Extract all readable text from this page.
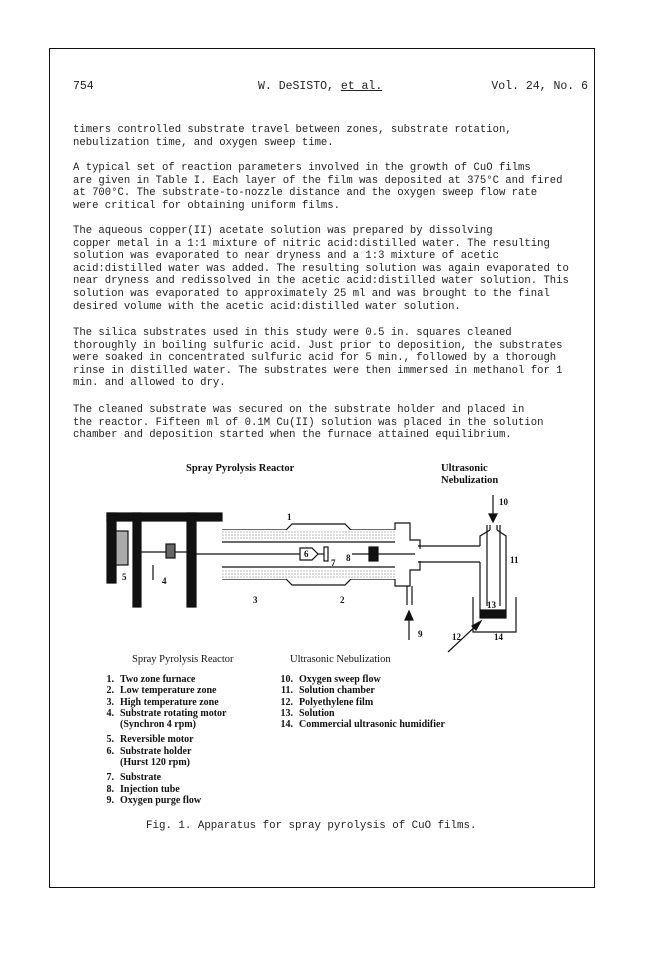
754	W. DeSISTO, et al.	Vol. 24, No. 6

timers controlled substrate travel between zones, substrate rotation,
nebulization time, and oxygen sweep time.

A typical set of reaction parameters involved in the growth of CuO films
are given in Table I. Each layer of the film was deposited at 375°C and fired
at 700°C. The substrate-to-nozzle distance and the oxygen sweep flow rate
were critical for obtaining uniform films.

The aqueous copper(II) acetate solution was prepared by dissolving
copper metal in a 1:1 mixture of nitric acid:distilled water. The resulting
solution was evaporated to near dryness and a 1:3 mixture of acetic
acid:distilled water was added. The resulting solution was again evaporated to
near dryness and redissolved in the acetic acid:distilled water solution. This
solution was evaporated to approximately 25 ml and was brought to the final
desired volume with the acetic acid:distilled water solution.

The silica substrates used in this study were 0.5 in. squares cleaned
thoroughly in boiling sulfuric acid. Just prior to deposition, the substrates
were soaked in concentrated sulfuric acid for 5 min., followed by a thorough
rinse in distilled water. The substrates were then immersed in methanol for 1
min. and allowed to dry.

The cleaned substrate was secured on the substrate holder and placed in
the reactor. Fifteen ml of 0.1M Cu(II) solution was placed in the solution
chamber and deposition started when the furnace attained equilibrium.

Spray Pyrolysis Reactor	Ultrasonic
Nebulization
1
2
3
4
5
6
7 8
9
10
11
12
13
14
Spray Pyrolysis Reactor	Ultrasonic Nebulization
1. Two zone furnace
2. Low temperature zone
3. High temperature zone
4. Substrate rotating motor
(Synchron 4 rpm)
5. Reversible motor
6. Substrate holder
(Hurst 120 rpm)
7. Substrate
8. Injection tube
9. Oxygen purge flow
10. Oxygen sweep flow
11. Solution chamber
12. Polyethylene film
13. Solution
14. Commercial ultrasonic humidifier
Fig. 1. Apparatus for spray pyrolysis of CuO films.
